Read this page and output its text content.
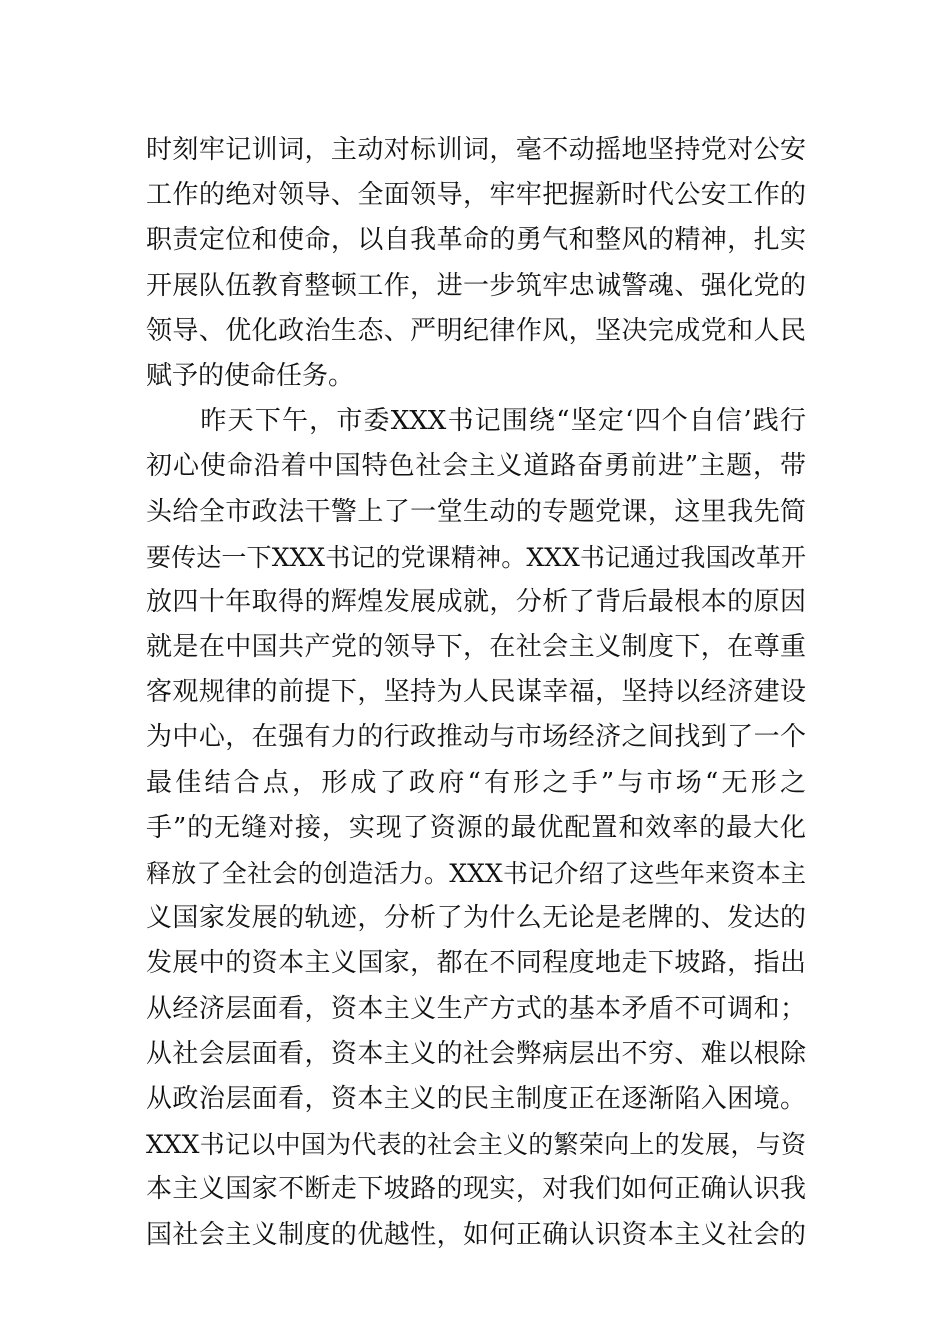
时刻牢记训词，主动对标训词，毫不动摇地坚持党对公安
工作的绝对领导、全面领导，牢牢把握新时代公安工作的
职责定位和使命，以自我革命的勇气和整风的精神，扎实
开展队伍教育整顿工作，进一步筑牢忠诚警魂、强化党的
领导、优化政治生态、严明纪律作风，坚决完成党和人民
赋予的使命任务。
　　昨天下午，市委XXX书记围绕“坚定‘四个自信’践行
初心使命沿着中国特色社会主义道路奋勇前进”主题，带
头给全市政法干警上了一堂生动的专题党课，这里我先简
要传达一下XXX书记的党课精神。XXX书记通过我国改革开
放四十年取得的辉煌发展成就，分析了背后最根本的原因
就是在中国共产党的领导下，在社会主义制度下，在尊重
客观规律的前提下，坚持为人民谋幸福，坚持以经济建设
为中心，在强有力的行政推动与市场经济之间找到了一个
最佳结合点，形成了政府“有形之手”与市场“无形之
手”的无缝对接，实现了资源的最优配置和效率的最大化
释放了全社会的创造活力。XXX书记介绍了这些年来资本主
义国家发展的轨迹，分析了为什么无论是老牌的、发达的
发展中的资本主义国家，都在不同程度地走下坡路，指出
从经济层面看，资本主义生产方式的基本矛盾不可调和；
从社会层面看，资本主义的社会弊病层出不穷、难以根除
从政治层面看，资本主义的民主制度正在逐渐陷入困境。
XXX书记以中国为代表的社会主义的繁荣向上的发展，与资
本主义国家不断走下坡路的现实，对我们如何正确认识我
国社会主义制度的优越性，如何正确认识资本主义社会的
